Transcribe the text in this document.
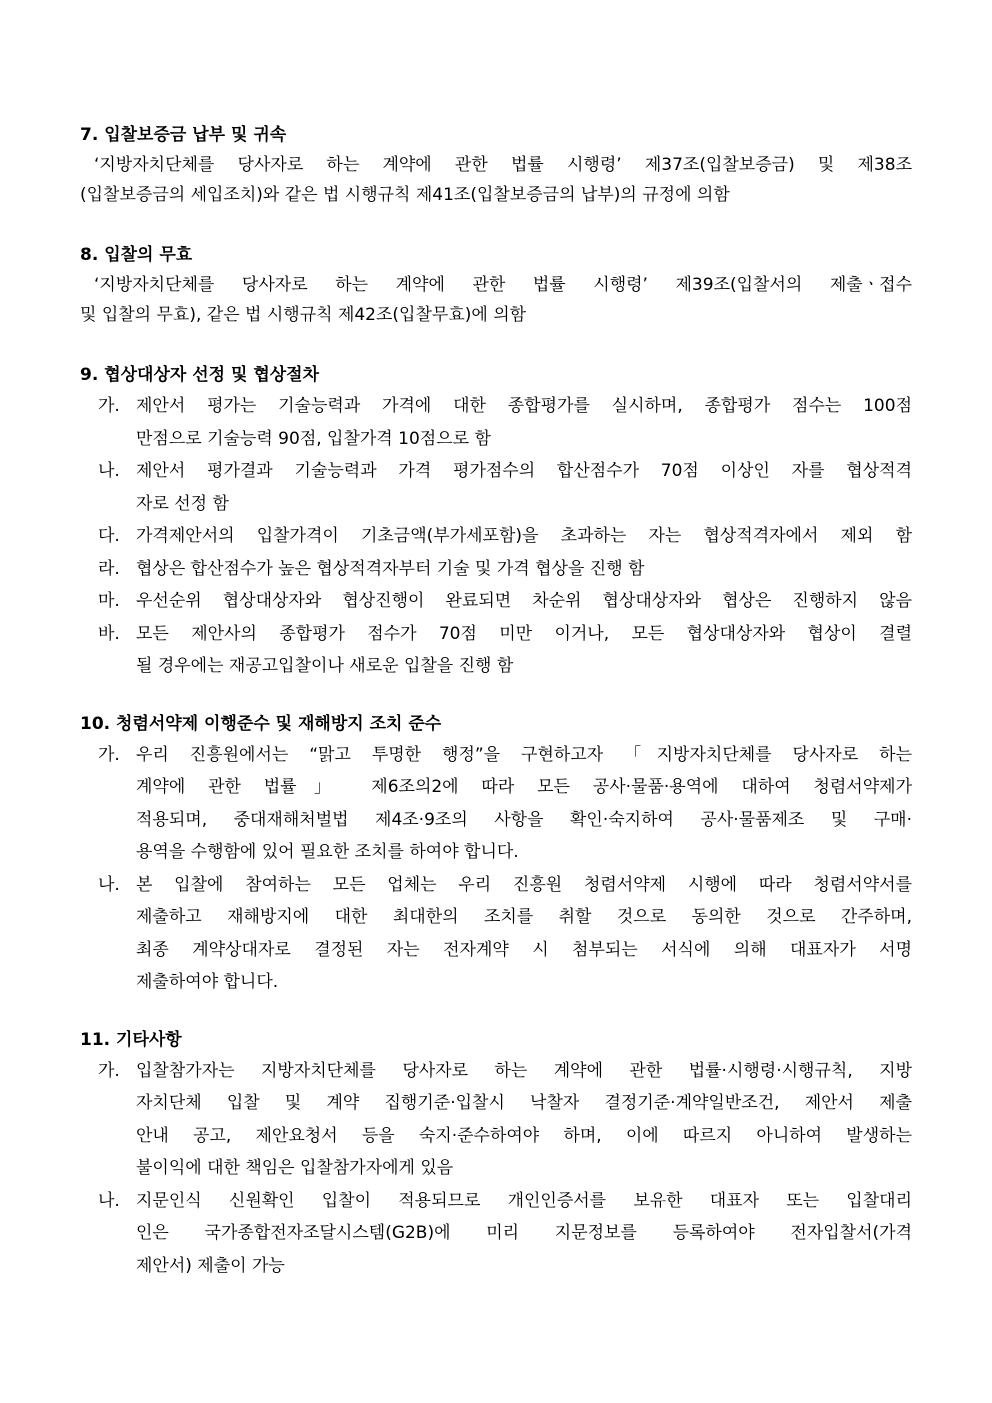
7. 입찰보증금 납부 및 귀속
‘지방자치단체를 당사자로 하는 계약에 관한 법률 시행령’ 제37조(입찰보증금) 및 제38조
(입찰보증금의 세입조치)와 같은 법 시행규칙 제41조(입찰보증금의 납부)의 규정에 의함
8. 입찰의 무효
‘지방자치단체를 당사자로 하는 계약에 관한 법률 시행령’ 제39조(입찰서의 제출ㆍ접수
및 입찰의 무효), 같은 법 시행규칙 제42조(입찰무효)에 의함
9. 협상대상자 선정 및 협상절차
가. 제안서 평가는 기술능력과 가격에 대한 종합평가를 실시하며, 종합평가 점수는 100점
만점으로 기술능력 90점, 입찰가격 10점으로 함
나. 제안서 평가결과 기술능력과 가격 평가점수의 합산점수가 70점 이상인 자를 협상적격
자로 선정 함
다. 가격제안서의 입찰가격이 기초금액(부가세포함)을 초과하는 자는 협상적격자에서 제외 함
라. 협상은 합산점수가 높은 협상적격자부터 기술 및 가격 협상을 진행 함
마. 우선순위 협상대상자와 협상진행이 완료되면 차순위 협상대상자와 협상은 진행하지 않음
바. 모든 제안사의 종합평가 점수가 70점 미만 이거나, 모든 협상대상자와 협상이 결렬
될 경우에는 재공고입찰이나 새로운 입찰을 진행 함
10. 청렴서약제 이행준수 및 재해방지 조치 준수
가. 우리 진흥원에서는 “맑고 투명한 행정”을 구현하고자 「지방자치단체를 당사자로 하는
계약에 관한 법률」 제6조의2에 따라 모든 공사·물품·용역에 대하여 청렴서약제가
적용되며, 중대재해처벌법 제4조·9조의 사항을 확인·숙지하여 공사·물품제조 및 구매·
용역을 수행함에 있어 필요한 조치를 하여야 합니다.
나. 본 입찰에 참여하는 모든 업체는 우리 진흥원 청렴서약제 시행에 따라 청렴서약서를
제출하고 재해방지에 대한 최대한의 조치를 취할 것으로 동의한 것으로 간주하며,
최종 계약상대자로 결정된 자는 전자계약 시 첨부되는 서식에 의해 대표자가 서명
제출하여야 합니다.
11. 기타사항
가. 입찰참가자는 지방자치단체를 당사자로 하는 계약에 관한 법률·시행령·시행규칙, 지방
자치단체 입찰 및 계약 집행기준·입찰시 낙찰자 결정기준·계약일반조건, 제안서 제출
안내 공고, 제안요청서 등을 숙지·준수하여야 하며, 이에 따르지 아니하여 발생하는
불이익에 대한 책임은 입찰참가자에게 있음
나. 지문인식 신원확인 입찰이 적용되므로 개인인증서를 보유한 대표자 또는 입찰대리
인은 국가종합전자조달시스템(G2B)에 미리 지문정보를 등록하여야 전자입찰서(가격
제안서) 제출이 가능
